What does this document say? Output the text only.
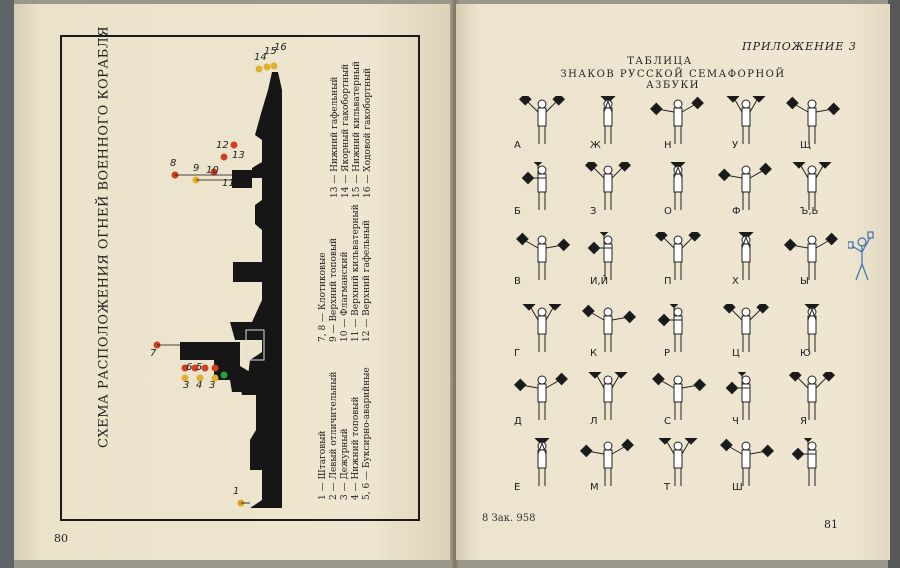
СХЕМА РАСПОЛОЖЕНИЯ ОГНЕЙ ВОЕННОГО КОРАБЛЯ	12
1
3 4 3
6 5
7
8 9 10
11
12
13
14
15
16
1 — Штаговый 2 — Левый отличительный 3 — Дежурный 4 — Нижний топовый 5, 6 — Буксирно-аварийные
7, 8 — Клотиковые 9 — Верхний топовый 10 — Флагманский 11 — Верхний кильватерный 12 — Верхний гафельный
13 — Нижний гафельный 14 — Якорный гакобортный 15 — Нижний кильватерный 16 — Ходовой гакобортный
80
ПРИЛОЖЕНИЕ 3
ТАБЛИЦА
ЗНАКОВ РУССКОЙ СЕМАФОРНОЙ АЗБУКИ
А	Ж	Н	У	Щ
Б	З	О	Ф	Ъ,Ь
В	И,Й	П	Х	Ы
Г	К	Р	Ц	Ю
Д	Л	С	Ч	Я
Е	М	Т	Ш
8 Зак. 958	81
